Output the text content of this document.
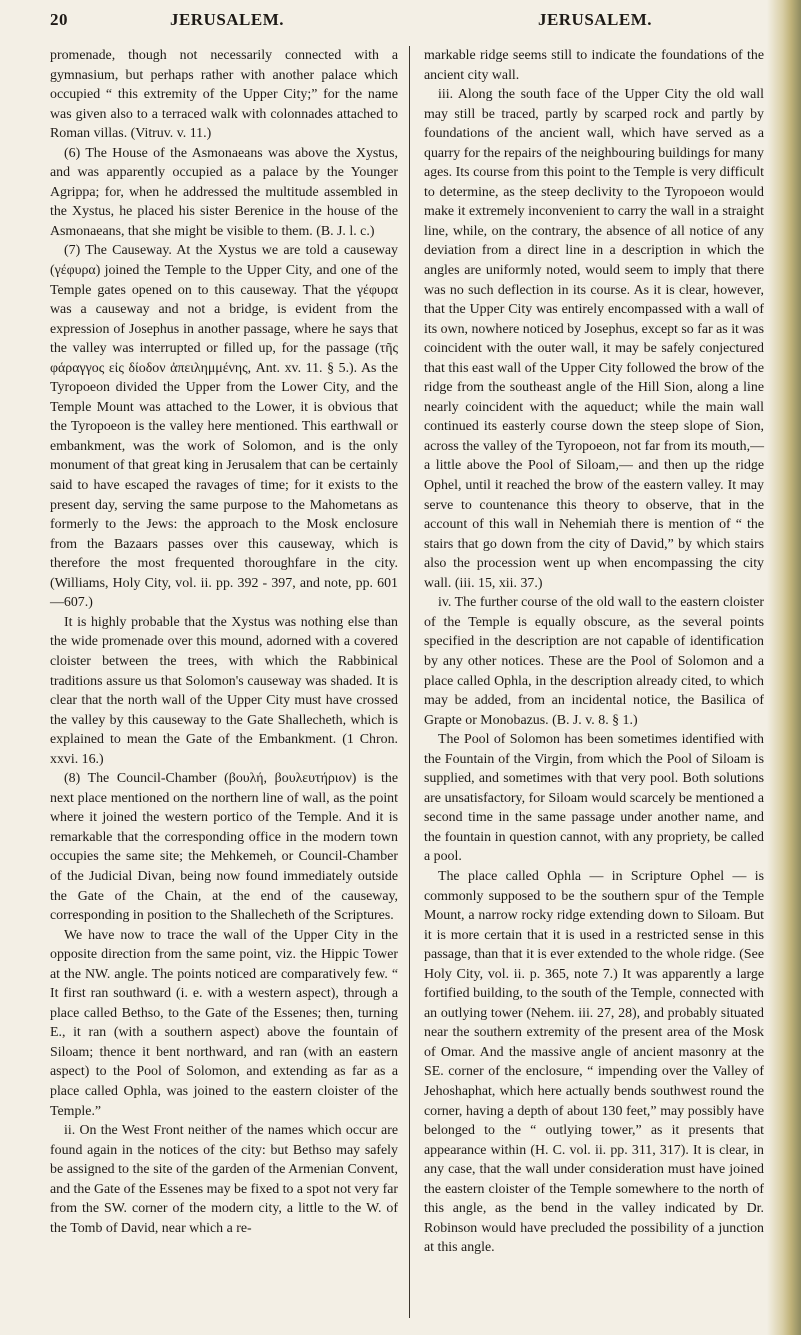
20	JERUSALEM.	JERUSALEM.

promenade, though not necessarily connected with a gymnasium, but perhaps rather with another palace which occupied “ this extremity of the Upper City;” for the name was given also to a terraced walk with colonnades attached to Roman villas. (Vitruv. v. 11.)

(6) The House of the Asmonaeans was above the Xystus, and was apparently occupied as a palace by the Younger Agrippa; for, when he addressed the multitude assembled in the Xystus, he placed his sister Berenice in the house of the Asmonaeans, that she might be visible to them. (B. J. l. c.)

(7) The Causeway. At the Xystus we are told a causeway (γέφυρα) joined the Temple to the Upper City, and one of the Temple gates opened on to this causeway. That the γέφυρα was a causeway and not a bridge, is evident from the expression of Josephus in another passage, where he says that the valley was interrupted or filled up, for the passage (τῆς φάραγγος εἰς δίοδον ἀπειλημμένης, Ant. xv. 11. § 5.). As the Tyropoeon divided the Upper from the Lower City, and the Temple Mount was attached to the Lower, it is obvious that the Tyropoeon is the valley here mentioned. This earthwall or embankment, was the work of Solomon, and is the only monument of that great king in Jerusalem that can be certainly said to have escaped the ravages of time; for it exists to the present day, serving the same purpose to the Mahometans as formerly to the Jews: the approach to the Mosk enclosure from the Bazaars passes over this causeway, which is therefore the most frequented thoroughfare in the city. (Williams, Holy City, vol. ii. pp. 392 - 397, and note, pp. 601—607.)

It is highly probable that the Xystus was nothing else than the wide promenade over this mound, adorned with a covered cloister between the trees, with which the Rabbinical traditions assure us that Solomon's causeway was shaded. It is clear that the north wall of the Upper City must have crossed the valley by this causeway to the Gate Shallecheth, which is explained to mean the Gate of the Embankment. (1 Chron. xxvi. 16.)

(8) The Council-Chamber (βουλή, βουλευτήριον) is the next place mentioned on the northern line of wall, as the point where it joined the western portico of the Temple. And it is remarkable that the corresponding office in the modern town occupies the same site; the Mehkemeh, or Council-Chamber of the Judicial Divan, being now found immediately outside the Gate of the Chain, at the end of the causeway, corresponding in position to the Shallecheth of the Scriptures.

We have now to trace the wall of the Upper City in the opposite direction from the same point, viz. the Hippic Tower at the NW. angle. The points noticed are comparatively few. “ It first ran southward (i. e. with a western aspect), through a place called Bethso, to the Gate of the Essenes; then, turning E., it ran (with a southern aspect) above the fountain of Siloam; thence it bent northward, and ran (with an eastern aspect) to the Pool of Solomon, and extending as far as a place called Ophla, was joined to the eastern cloister of the Temple.”

ii. On the West Front neither of the names which occur are found again in the notices of the city: but Bethso may safely be assigned to the site of the garden of the Armenian Convent, and the Gate of the Essenes may be fixed to a spot not very far from the SW. corner of the modern city, a little to the W. of the Tomb of David, near which a re-

markable ridge seems still to indicate the foundations of the ancient city wall.

iii. Along the south face of the Upper City the old wall may still be traced, partly by scarped rock and partly by foundations of the ancient wall, which have served as a quarry for the repairs of the neighbouring buildings for many ages. Its course from this point to the Temple is very difficult to determine, as the steep declivity to the Tyropoeon would make it extremely inconvenient to carry the wall in a straight line, while, on the contrary, the absence of all notice of any deviation from a direct line in a description in which the angles are uniformly noted, would seem to imply that there was no such deflection in its course. As it is clear, however, that the Upper City was entirely encompassed with a wall of its own, nowhere noticed by Josephus, except so far as it was coincident with the outer wall, it may be safely conjectured that this east wall of the Upper City followed the brow of the ridge from the southeast angle of the Hill Sion, along a line nearly coincident with the aqueduct; while the main wall continued its easterly course down the steep slope of Sion, across the valley of the Tyropoeon, not far from its mouth,—a little above the Pool of Siloam,— and then up the ridge Ophel, until it reached the brow of the eastern valley. It may serve to countenance this theory to observe, that in the account of this wall in Nehemiah there is mention of “ the stairs that go down from the city of David,” by which stairs also the procession went up when encompassing the city wall. (iii. 15, xii. 37.)

iv. The further course of the old wall to the eastern cloister of the Temple is equally obscure, as the several points specified in the description are not capable of identification by any other notices. These are the Pool of Solomon and a place called Ophla, in the description already cited, to which may be added, from an incidental notice, the Basilica of Grapte or Monobazus. (B. J. v. 8. § 1.)

The Pool of Solomon has been sometimes identified with the Fountain of the Virgin, from which the Pool of Siloam is supplied, and sometimes with that very pool. Both solutions are unsatisfactory, for Siloam would scarcely be mentioned a second time in the same passage under another name, and the fountain in question cannot, with any propriety, be called a pool.

The place called Ophla — in Scripture Ophel — is commonly supposed to be the southern spur of the Temple Mount, a narrow rocky ridge extending down to Siloam. But it is more certain that it is used in a restricted sense in this passage, than that it is ever extended to the whole ridge. (See Holy City, vol. ii. p. 365, note 7.) It was apparently a large fortified building, to the south of the Temple, connected with an outlying tower (Nehem. iii. 27, 28), and probably situated near the southern extremity of the present area of the Mosk of Omar. And the massive angle of ancient masonry at the SE. corner of the enclosure, “ impending over the Valley of Jehoshaphat, which here actually bends southwest round the corner, having a depth of about 130 feet,” may possibly have belonged to the “ outlying tower,” as it presents that appearance within (H. C. vol. ii. pp. 311, 317). It is clear, in any case, that the wall under consideration must have joined the eastern cloister of the Temple somewhere to the north of this angle, as the bend in the valley indicated by Dr. Robinson would have precluded the possibility of a junction at this angle.
